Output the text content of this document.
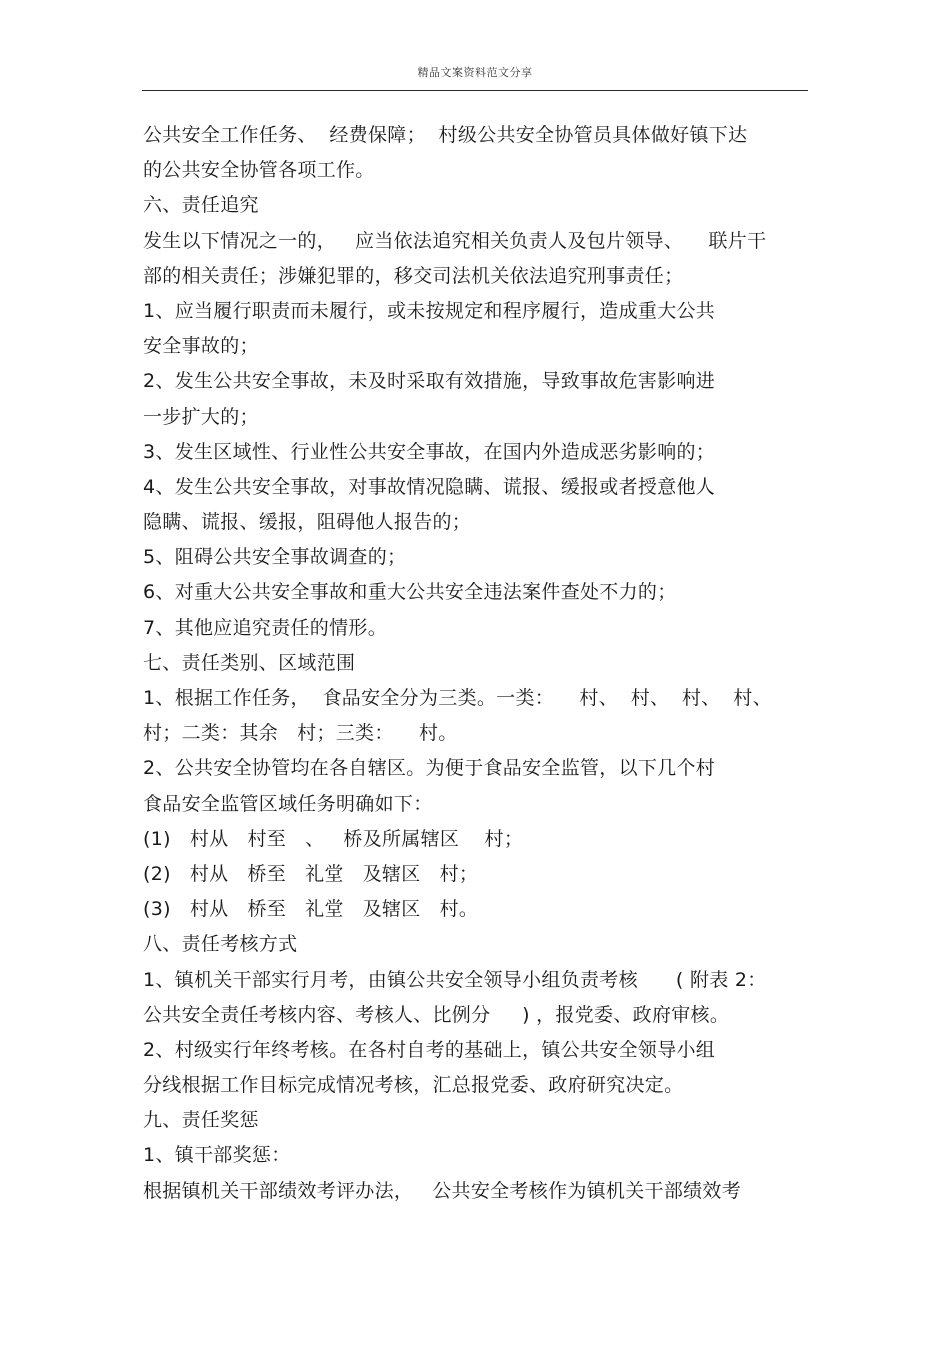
精品文案资料范文分享
公共安全工作任务、  经费保障；  村级公共安全协管员具体做好镇下达
的公共安全协管各项工作。
六、责任追究
发生以下情况之一的，   应当依法追究相关负责人及包片领导、    联片干
部的相关责任；涉嫌犯罪的，移交司法机关依法追究刑事责任；
1、应当履行职责而未履行，或未按规定和程序履行，造成重大公共
安全事故的；
2、发生公共安全事故，未及时采取有效措施，导致事故危害影响进
一步扩大的；
3、发生区域性、行业性公共安全事故，在国内外造成恶劣影响的；
4、发生公共安全事故，对事故情况隐瞒、谎报、缓报或者授意他人
隐瞒、谎报、缓报，阻碍他人报告的；
5、阻碍公共安全事故调查的；
6、对重大公共安全事故和重大公共安全违法案件查处不力的；
7、其他应追究责任的情形。
七、责任类别、区域范围
1、根据工作任务，  食品安全分为三类。一类：    村、  村、  村、  村、
村；二类：其余   村；三类：    村。
2、公共安全协管均在各自辖区。为便于食品安全监管，以下几个村
食品安全监管区域任务明确如下：
(1)   村从   村至   、   桥及所属辖区    村；
(2)   村从   桥至   礼堂   及辖区   村；
(3)   村从   桥至   礼堂   及辖区   村。
八、责任考核方式
1、镇机关干部实行月考，由镇公共安全领导小组负责考核      ( 附表 2：
公共安全责任考核内容、考核人、比例分     ) ，报党委、政府审核。
2、村级实行年终考核。在各村自考的基础上，镇公共安全领导小组
分线根据工作目标完成情况考核，汇总报党委、政府研究决定。
九、责任奖惩
1、镇干部奖惩：
根据镇机关干部绩效考评办法，   公共安全考核作为镇机关干部绩效考
